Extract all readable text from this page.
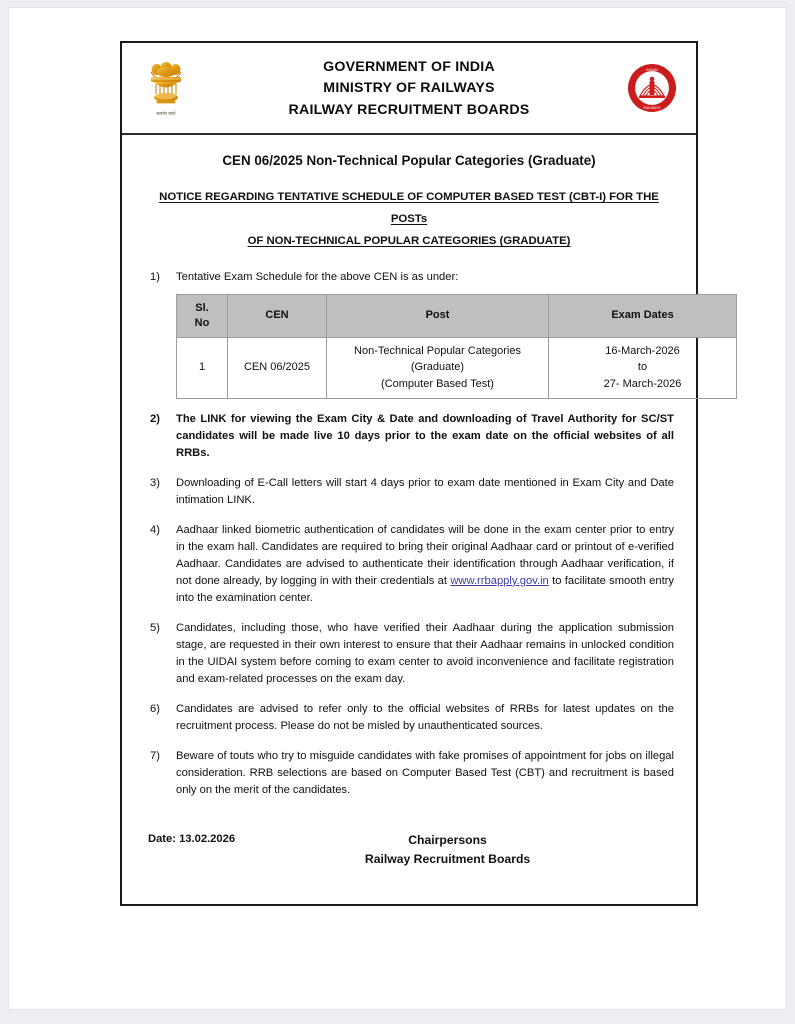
सत्यमेव जयते
GOVERNMENT OF INDIA
MINISTRY OF RAILWAYS
RAILWAY RECRUITMENT BOARDS
INDIAN
RAILWAYS
CEN 06/2025 Non-Technical Popular Categories (Graduate)
NOTICE REGARDING TENTATIVE SCHEDULE OF COMPUTER BASED TEST (CBT-I) FOR THE POSTs
OF NON-TECHNICAL POPULAR CATEGORIES (GRADUATE)
1)	Tentative Exam Schedule for the above CEN is as under:
Sl.
No	CEN	Post	Exam Dates
1	CEN 06/2025	Non-Technical Popular Categories
(Graduate)
(Computer Based Test)	16-March-2026
to
27- March-2026
2)	The LINK for viewing the Exam City & Date and downloading of Travel Authority for SC/ST candidates will be made live 10 days prior to the exam date on the official websites of all RRBs.
3)	Downloading of E-Call letters will start 4 days prior to exam date mentioned in Exam City and Date intimation LINK.
4)	Aadhaar linked biometric authentication of candidates will be done in the exam center prior to entry in the exam hall. Candidates are required to bring their original Aadhaar card or printout of e-verified Aadhaar. Candidates are advised to authenticate their identification through Aadhaar verification, if not done already, by logging in with their credentials at www.rrbapply.gov.in to facilitate smooth entry into the examination center.
5)	Candidates, including those, who have verified their Aadhaar during the application submission stage, are requested in their own interest to ensure that their Aadhaar remains in unlocked condition in the UIDAI system before coming to exam center to avoid inconvenience and facilitate registration and exam-related processes on the exam day.
6)	Candidates are advised to refer only to the official websites of RRBs for latest updates on the recruitment process. Please do not be misled by unauthenticated sources.
7)	Beware of touts who try to misguide candidates with fake promises of appointment for jobs on illegal consideration. RRB selections are based on Computer Based Test (CBT) and recruitment is based only on the merit of the candidates.
Date: 13.02.2026	Chairpersons
Railway Recruitment Boards
